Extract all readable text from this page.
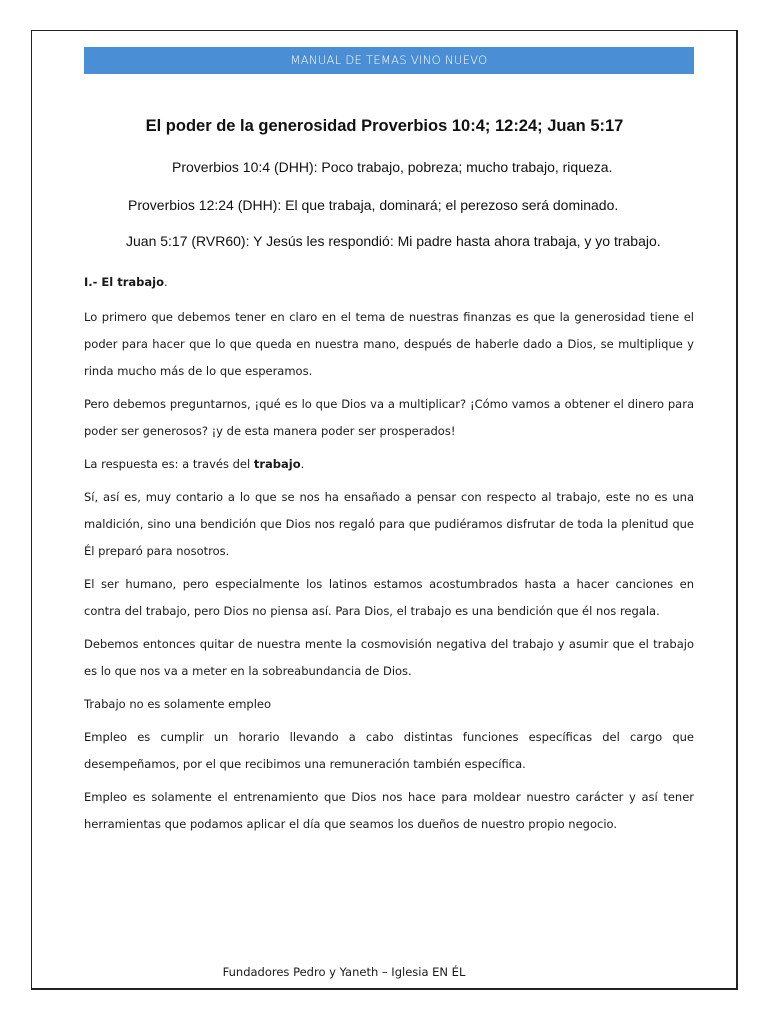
MANUAL DE TEMAS VINO NUEVO
El poder de la generosidad Proverbios 10:4; 12:24; Juan 5:17
Proverbios 10:4 (DHH): Poco trabajo, pobreza; mucho trabajo, riqueza.
Proverbios 12:24 (DHH): El que trabaja, dominará; el perezoso será dominado.
Juan 5:17 (RVR60): Y Jesús les respondió: Mi padre hasta ahora trabaja, y yo trabajo.

I.- El trabajo.

Lo primero que debemos tener en claro en el tema de nuestras finanzas es que la generosidad tiene el poder para hacer que lo que queda en nuestra mano, después de haberle dado a Dios, se multiplique y rinda mucho más de lo que esperamos.

Pero debemos preguntarnos, ¡qué es lo que Dios va a multiplicar? ¡Cómo vamos a obtener el dinero para poder ser generosos? ¡y de esta manera poder ser prosperados!

La respuesta es: a través del trabajo.

Sí, así es, muy contario a lo que se nos ha ensañado a pensar con respecto al trabajo, este no es una maldición, sino una bendición que Dios nos regaló para que pudiéramos disfrutar de toda la plenitud que Él preparó para nosotros.

El ser humano, pero especialmente los latinos estamos acostumbrados hasta a hacer canciones en contra del trabajo, pero Dios no piensa así. Para Dios, el trabajo es una bendición que él nos regala.

Debemos entonces quitar de nuestra mente la cosmovisión negativa del trabajo y asumir que el trabajo es lo que nos va a meter en la sobreabundancia de Dios.

Trabajo no es solamente empleo

Empleo es cumplir un horario llevando a cabo distintas funciones específicas del cargo que desempeñamos, por el que recibimos una remuneración también específica.

Empleo es solamente el entrenamiento que Dios nos hace para moldear nuestro carácter y así tener herramientas que podamos aplicar el día que seamos los dueños de nuestro propio negocio.

Fundadores Pedro y Yaneth – Iglesia EN ÉL
